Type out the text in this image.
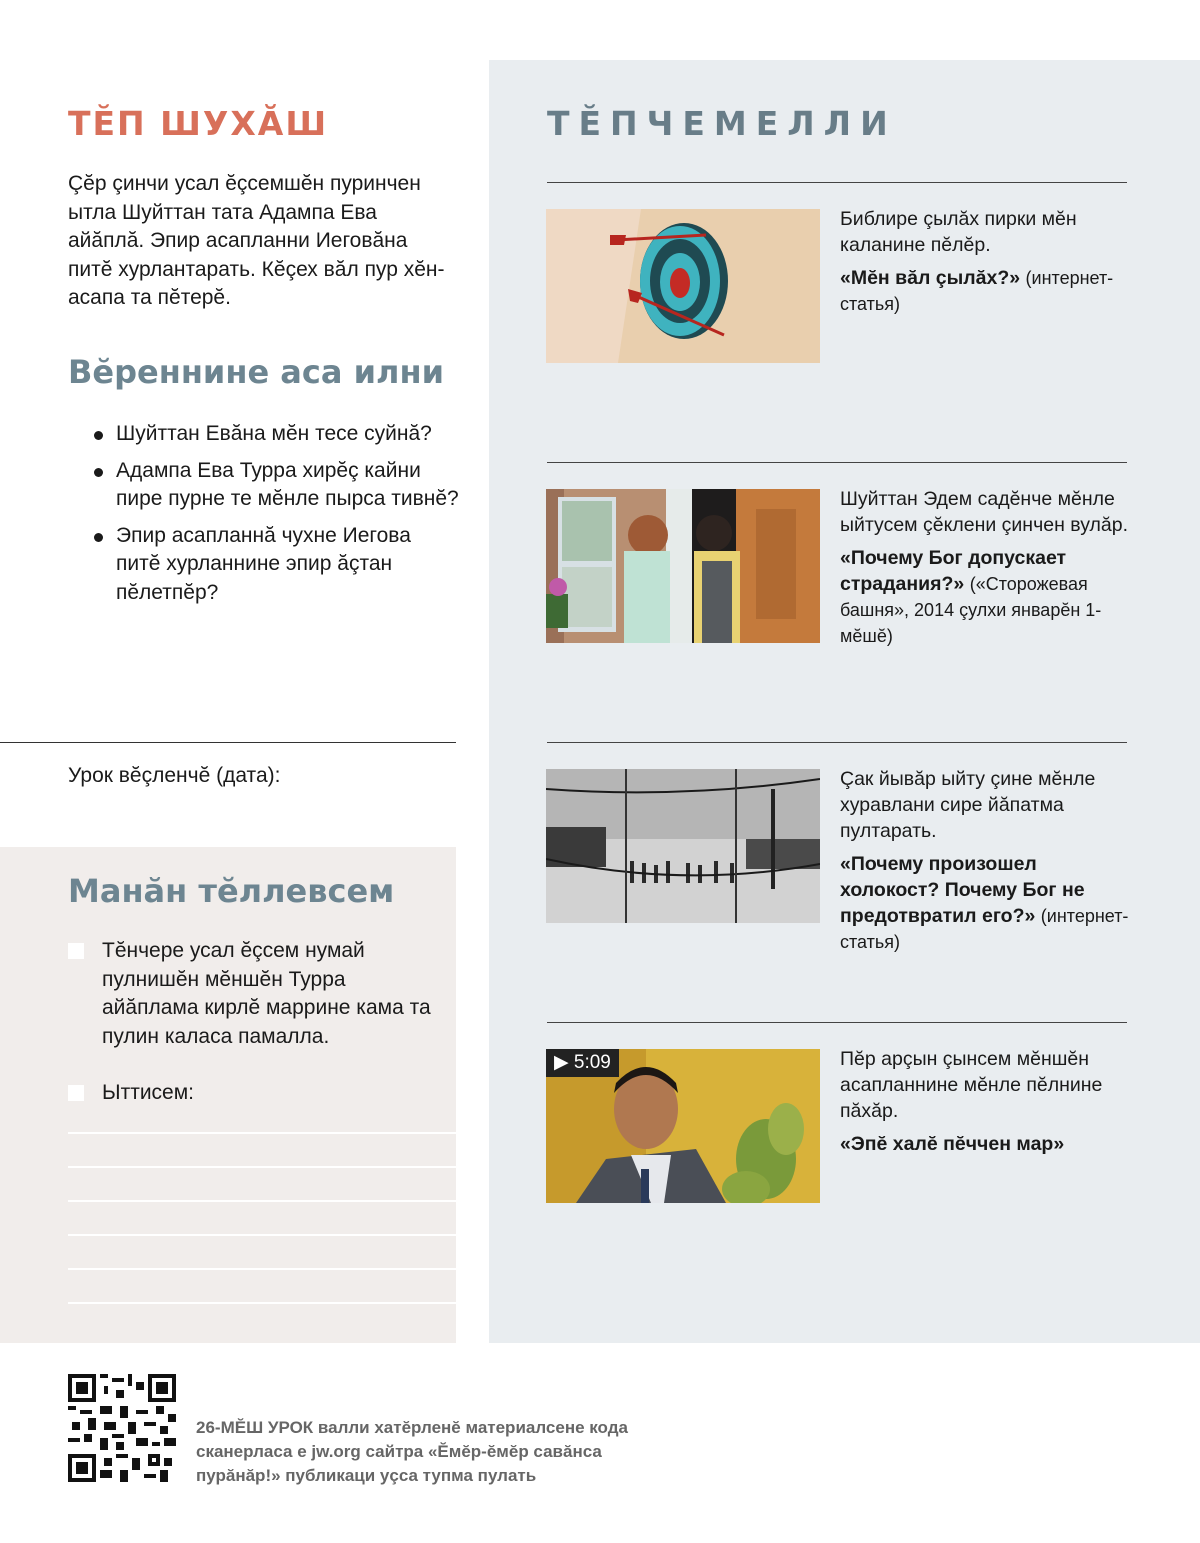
ТĔП ШУХĂШ

Çĕр çинчи усал ĕçсемшĕн пуринчен ытла Шуйттан тата Адампа Ева айăплă. Эпир асапланни Иеговăна питĕ хурлантарать. Кĕçех вăл пур хĕн-асапа та пĕтерĕ.

Вĕреннине аса илни
Шуйттан Евăна мĕн тесе суйнă?
Адампа Ева Турра хирĕç кайни пире пурне те мĕнле пырса тивнĕ?
Эпир асапланнă чухне Иегова питĕ хурланнине эпир ăçтан пĕлетпĕр?
Урок вĕçленчĕ (дата):
Манăн тĕллевсем

Тĕнчере усал ĕçсем нумай пулнишĕн мĕншĕн Турра айăплама кирлĕ маррине кама та пулин каласа памалла.

Ыттисем:

ТĔПЧЕМЕЛЛИ

Библире çылăх пирки мĕн каланине пĕлĕр.

«Мĕн вăл çылăх?» (интернет-статья)

Шуйттан Эдем садĕнче мĕнле ыйтусем çĕклени çинчен вулăр.

«Почему Бог допускает страдания?» («Сторожевая башня», 2014 çулхи январĕн 1-мĕшĕ)

Çак йывăр ыйту çине мĕнле хуравлани сире йăпатма пултарать.

«Почему произошел холокост? Почему Бог не предотвратил его?» (интернет-статья)

▶ 5:09	Пĕр арçын çынсем мĕншĕн асапланнине мĕнле пĕлнине пăхăр.

«Эпĕ халĕ пĕччен мар»

26-МĔШ УРОК валли хатĕрленĕ материалсене кода сканерласа е jw.org сайтра «Ĕмĕр-ĕмĕр савăнса пурăнăр!» публикаци уçса тупма пулать
